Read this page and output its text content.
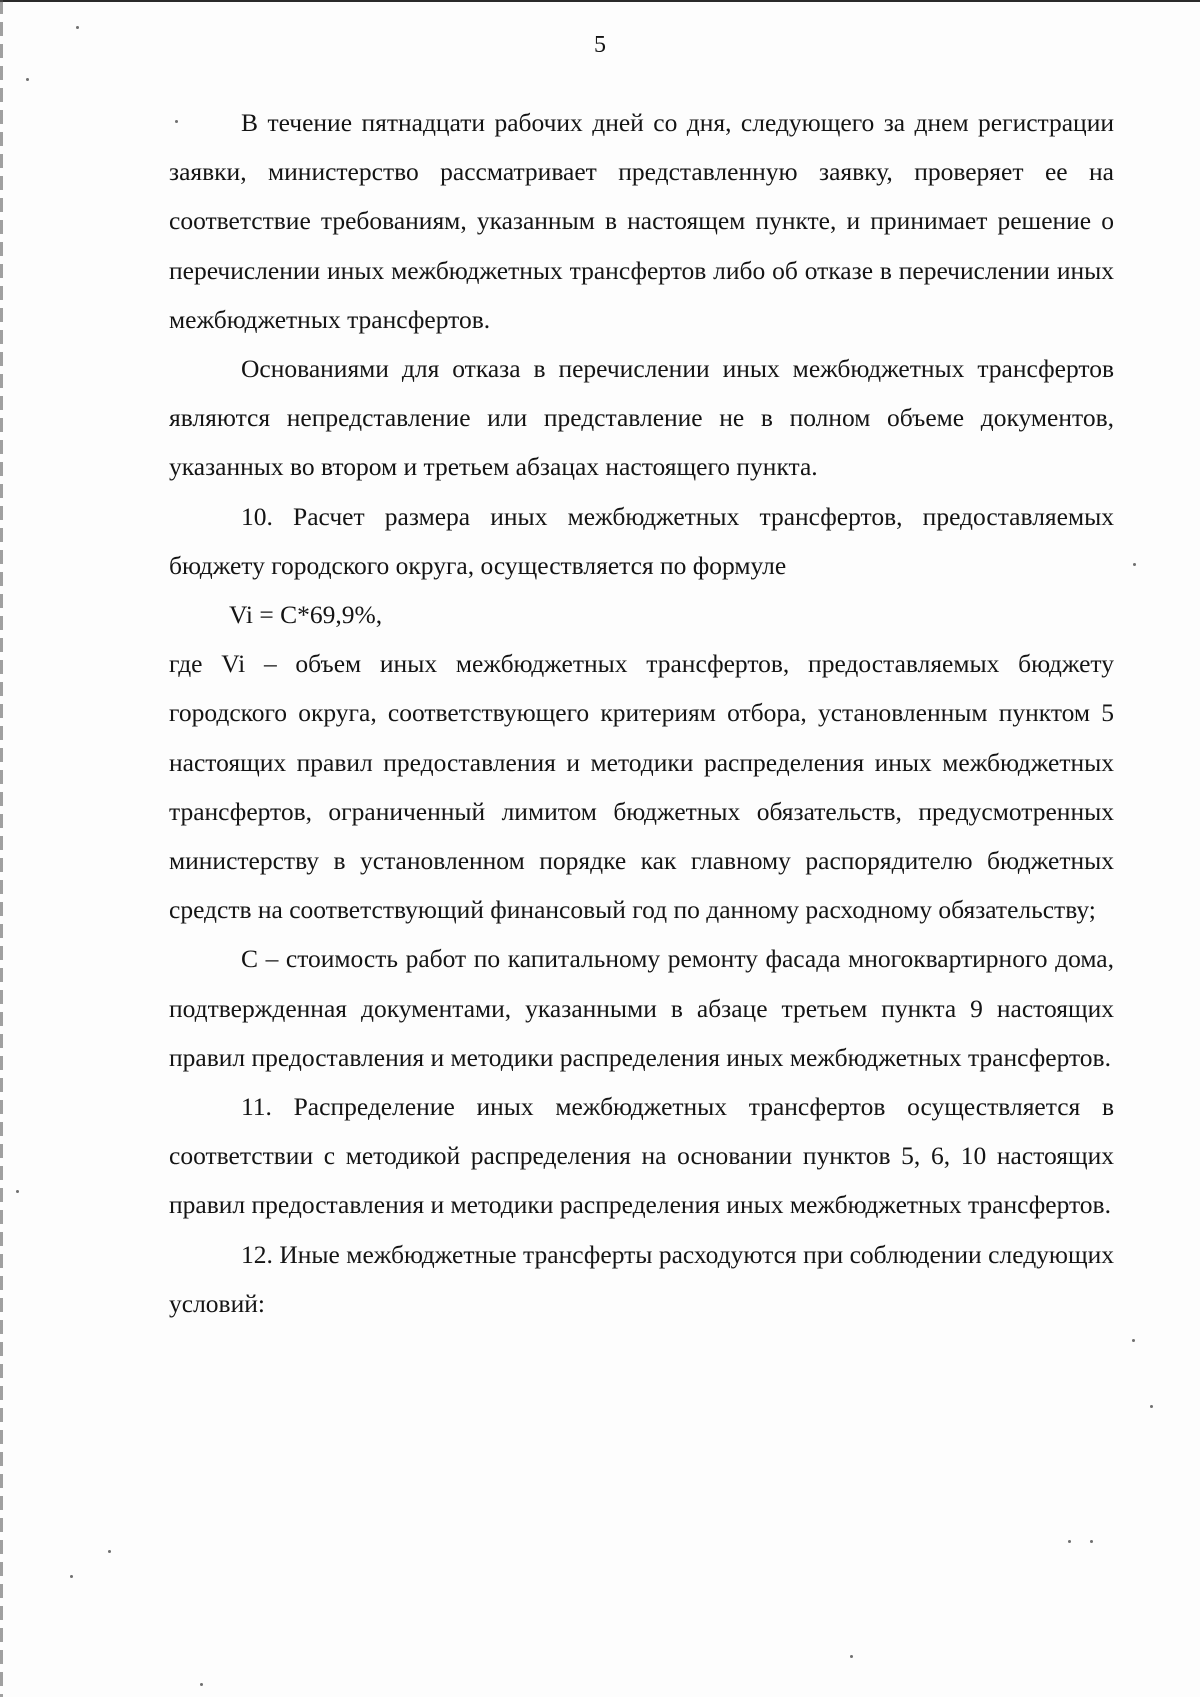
5

В течение пятнадцати рабочих дней со дня, следующего за днем регистрации заявки, министерство рассматривает представленную заявку, проверяет ее на соответствие требованиям, указанным в настоящем пункте, и принимает решение о перечислении иных межбюджетных трансфертов либо об отказе в перечислении иных межбюджетных трансфертов.

Основаниями для отказа в перечислении иных межбюджетных трансфертов являются непредставление или представление не в полном объеме документов, указанных во втором и третьем абзацах настоящего пункта.

10. Расчет размера иных межбюджетных трансфертов, предоставляемых бюджету городского округа, осуществляется по формуле

Vi = C*69,9%,

где Vi – объем иных межбюджетных трансфертов, предоставляемых бюджету городского округа, соответствующего критериям отбора, установленным пунктом 5 настоящих правил предоставления и методики распределения иных межбюджетных трансфертов, ограниченный лимитом бюджетных обязательств, предусмотренных министерству в установленном порядке как главному распорядителю бюджетных средств на соответствующий финансовый год по данному расходному обязательству;

С – стоимость работ по капитальному ремонту фасада многоквартирного дома, подтвержденная документами, указанными в абзаце третьем пункта 9 настоящих правил предоставления и методики распределения иных межбюджетных трансфертов.

11. Распределение иных межбюджетных трансфертов осуществляется в соответствии с методикой распределения на основании пунктов 5, 6, 10 настоящих правил предоставления и методики распределения иных межбюджетных трансфертов.

12. Иные межбюджетные трансферты расходуются при соблюдении следующих условий:
